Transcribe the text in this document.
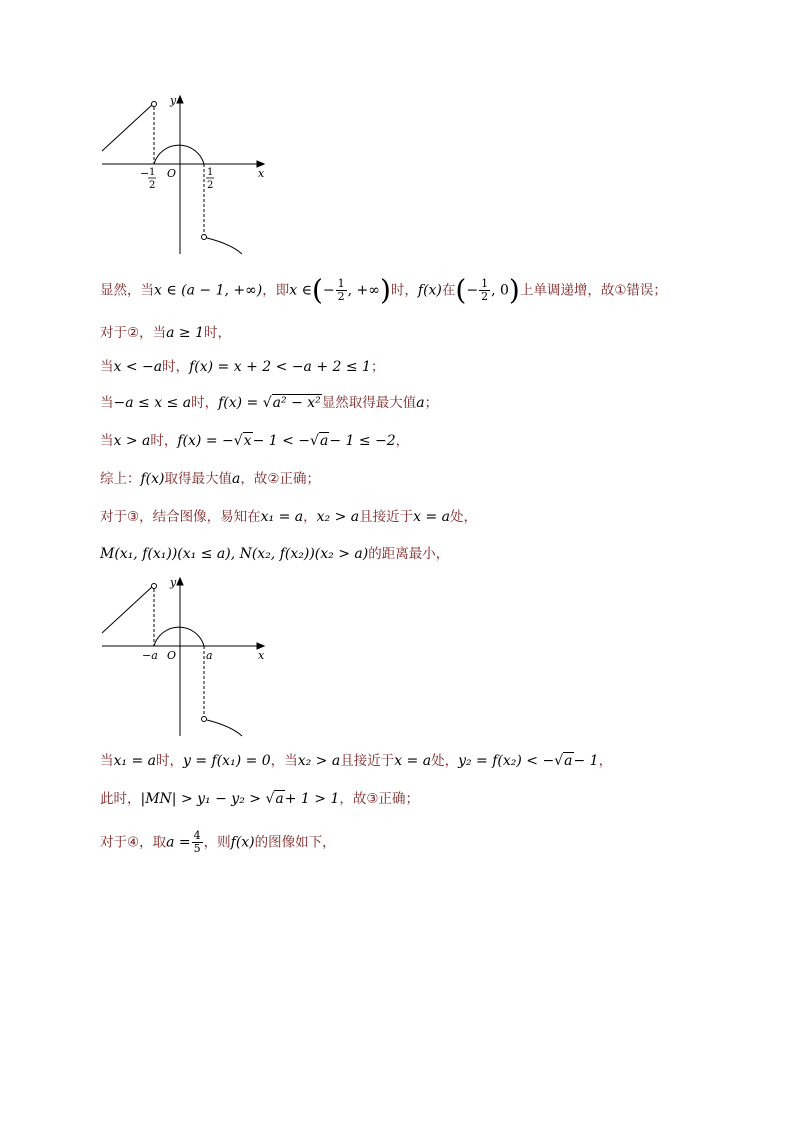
y
x
O
− 1
2
1
2
显然，当x ∈ (a − 1, +∞)，即x ∈(− $\frac{1}{2}$ , +∞)时，f(x)在(− $\frac{1}{2}$ , 0)上单调递增，故①错误；
对于②，当a ≥ 1时，
当x < −a时，f(x) = x + 2 < −a + 2 ≤ 1；
当−a ≤ x ≤ a时，f(x) = √a² − x²显然取得最大值a；
当x > a时，f(x) = −√x− 1 < −√a− 1 ≤ −2，
综上：f(x)取得最大值a，故②正确；
对于③，结合图像，易知在x₁ = a，x₂ > a且接近于x = a处，
M(x₁, f(x₁))(x₁ ≤ a), N(x₂, f(x₂))(x₂ > a)的距离最小，
y
x
O
−a	a
当x₁ = a时，y = f(x₁) = 0，当x₂ > a且接近于x = a处，y₂ = f(x₂) < −√a− 1，
此时，|MN| > y₁ − y₂ > √a+ 1 > 1，故③正确；
对于④，取$a = \frac{4}{5}$ ，则f(x)的图像如下，
